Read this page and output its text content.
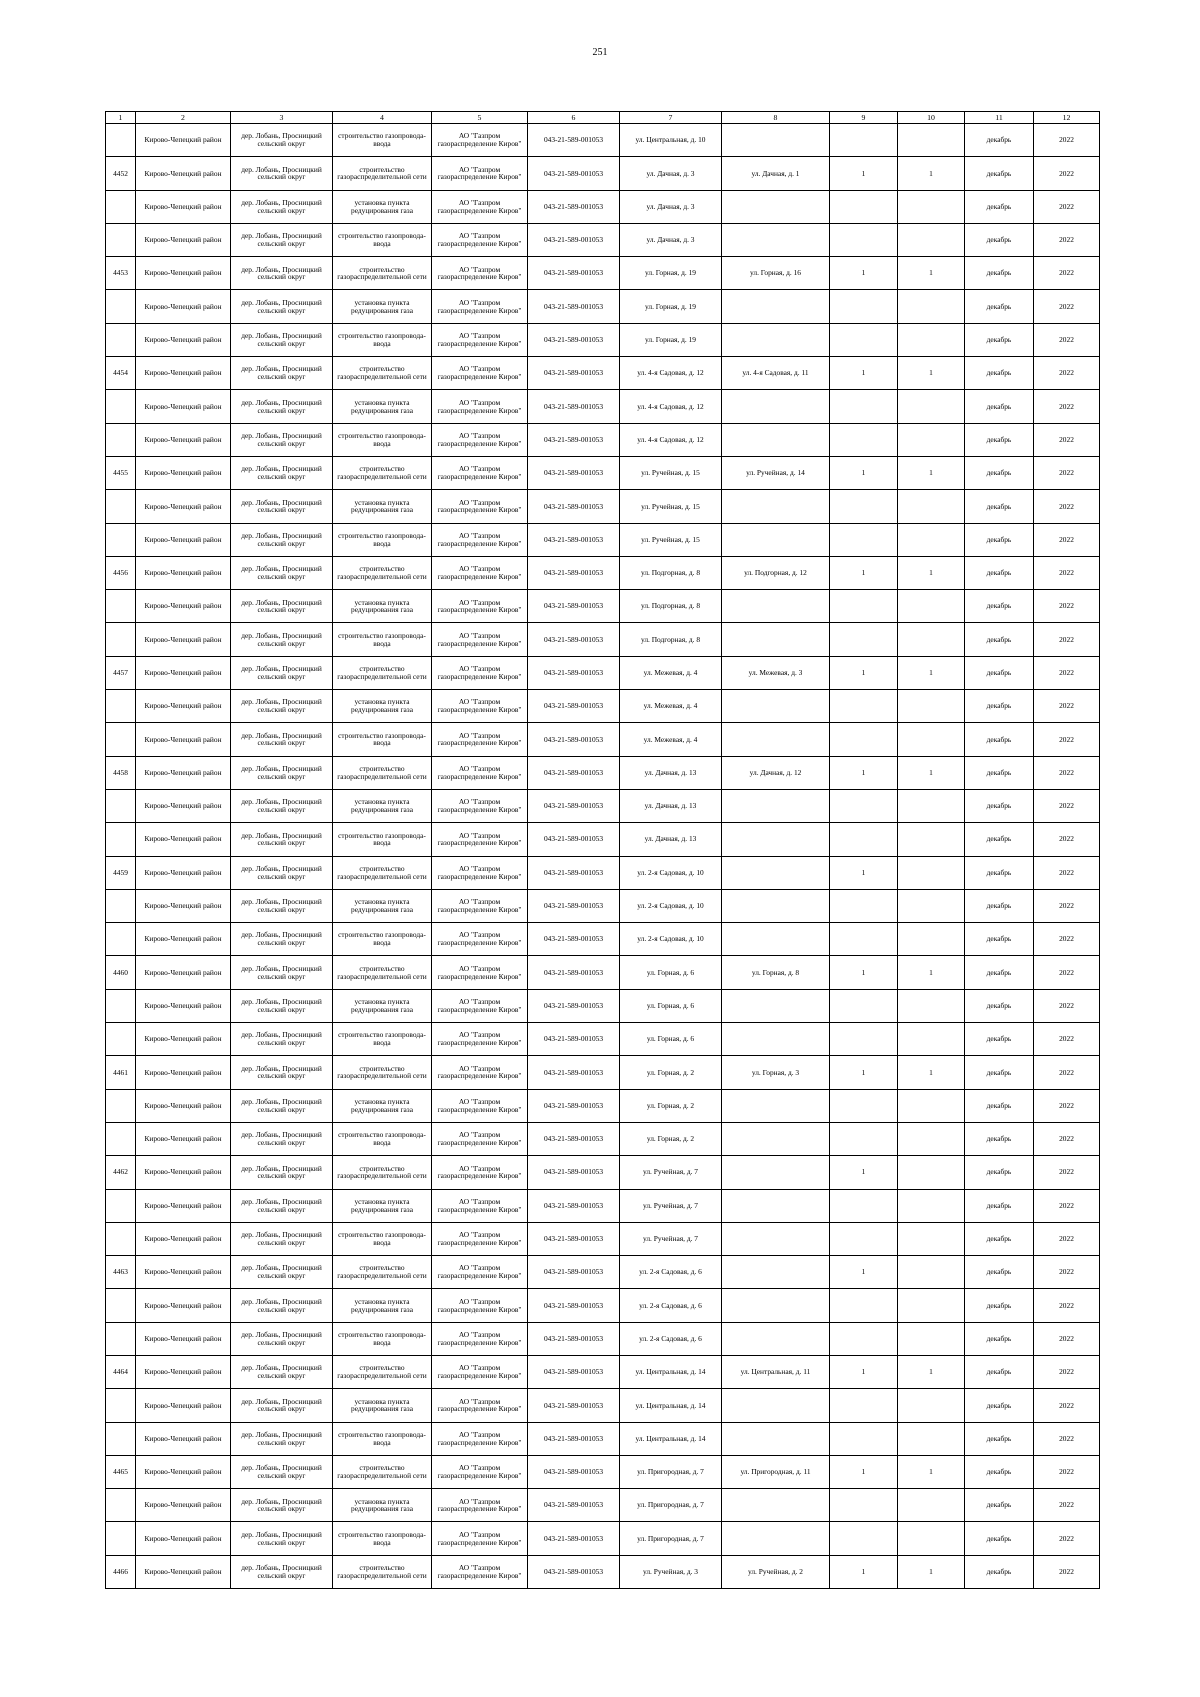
251
1	2	3	4	5	6	7	8	9	10	11	12
	Кирово-Чепецкий район	дер. Лобань, Просницкий сельский округ	строительство газопровода-ввода	АО "Газпром газораспределение Киров"	043-21-589-001053	ул. Центральная, д. 10				декабрь	2022
4452	Кирово-Чепецкий район	дер. Лобань, Просницкий сельский округ	строительство газораспределительной сети	АО "Газпром газораспределение Киров"	043-21-589-001053	ул. Дачная, д. 3	ул. Дачная, д. 1	1	1	декабрь	2022
	Кирово-Чепецкий район	дер. Лобань, Просницкий сельский округ	установка пункта редуцирования газа	АО "Газпром газораспределение Киров"	043-21-589-001053	ул. Дачная, д. 3				декабрь	2022
	Кирово-Чепецкий район	дер. Лобань, Просницкий сельский округ	строительство газопровода-ввода	АО "Газпром газораспределение Киров"	043-21-589-001053	ул. Дачная, д. 3				декабрь	2022
4453	Кирово-Чепецкий район	дер. Лобань, Просницкий сельский округ	строительство газораспределительной сети	АО "Газпром газораспределение Киров"	043-21-589-001053	ул. Горная, д. 19	ул. Горная, д. 16	1	1	декабрь	2022
	Кирово-Чепецкий район	дер. Лобань, Просницкий сельский округ	установка пункта редуцирования газа	АО "Газпром газораспределение Киров"	043-21-589-001053	ул. Горная, д. 19				декабрь	2022
	Кирово-Чепецкий район	дер. Лобань, Просницкий сельский округ	строительство газопровода-ввода	АО "Газпром газораспределение Киров"	043-21-589-001053	ул. Горная, д. 19				декабрь	2022
4454	Кирово-Чепецкий район	дер. Лобань, Просницкий сельский округ	строительство газораспределительной сети	АО "Газпром газораспределение Киров"	043-21-589-001053	ул. 4-я Садовая, д. 12	ул. 4-я Садовая, д. 11	1	1	декабрь	2022
	Кирово-Чепецкий район	дер. Лобань, Просницкий сельский округ	установка пункта редуцирования газа	АО "Газпром газораспределение Киров"	043-21-589-001053	ул. 4-я Садовая, д. 12				декабрь	2022
	Кирово-Чепецкий район	дер. Лобань, Просницкий сельский округ	строительство газопровода-ввода	АО "Газпром газораспределение Киров"	043-21-589-001053	ул. 4-я Садовая, д. 12				декабрь	2022
4455	Кирово-Чепецкий район	дер. Лобань, Просницкий сельский округ	строительство газораспределительной сети	АО "Газпром газораспределение Киров"	043-21-589-001053	ул. Ручейная, д. 15	ул. Ручейная, д. 14	1	1	декабрь	2022
	Кирово-Чепецкий район	дер. Лобань, Просницкий сельский округ	установка пункта редуцирования газа	АО "Газпром газораспределение Киров"	043-21-589-001053	ул. Ручейная, д. 15				декабрь	2022
	Кирово-Чепецкий район	дер. Лобань, Просницкий сельский округ	строительство газопровода-ввода	АО "Газпром газораспределение Киров"	043-21-589-001053	ул. Ручейная, д. 15				декабрь	2022
4456	Кирово-Чепецкий район	дер. Лобань, Просницкий сельский округ	строительство газораспределительной сети	АО "Газпром газораспределение Киров"	043-21-589-001053	ул. Подгорная, д. 8	ул. Подгорная, д. 12	1	1	декабрь	2022
	Кирово-Чепецкий район	дер. Лобань, Просницкий сельский округ	установка пункта редуцирования газа	АО "Газпром газораспределение Киров"	043-21-589-001053	ул. Подгорная, д. 8				декабрь	2022
	Кирово-Чепецкий район	дер. Лобань, Просницкий сельский округ	строительство газопровода-ввода	АО "Газпром газораспределение Киров"	043-21-589-001053	ул. Подгорная, д. 8				декабрь	2022
4457	Кирово-Чепецкий район	дер. Лобань, Просницкий сельский округ	строительство газораспределительной сети	АО "Газпром газораспределение Киров"	043-21-589-001053	ул. Межевая, д. 4	ул. Межевая, д. 3	1	1	декабрь	2022
	Кирово-Чепецкий район	дер. Лобань, Просницкий сельский округ	установка пункта редуцирования газа	АО "Газпром газораспределение Киров"	043-21-589-001053	ул. Межевая, д. 4				декабрь	2022
	Кирово-Чепецкий район	дер. Лобань, Просницкий сельский округ	строительство газопровода-ввода	АО "Газпром газораспределение Киров"	043-21-589-001053	ул. Межевая, д. 4				декабрь	2022
4458	Кирово-Чепецкий район	дер. Лобань, Просницкий сельский округ	строительство газораспределительной сети	АО "Газпром газораспределение Киров"	043-21-589-001053	ул. Дачная, д. 13	ул. Дачная, д. 12	1	1	декабрь	2022
	Кирово-Чепецкий район	дер. Лобань, Просницкий сельский округ	установка пункта редуцирования газа	АО "Газпром газораспределение Киров"	043-21-589-001053	ул. Дачная, д. 13				декабрь	2022
	Кирово-Чепецкий район	дер. Лобань, Просницкий сельский округ	строительство газопровода-ввода	АО "Газпром газораспределение Киров"	043-21-589-001053	ул. Дачная, д. 13				декабрь	2022
4459	Кирово-Чепецкий район	дер. Лобань, Просницкий сельский округ	строительство газораспределительной сети	АО "Газпром газораспределение Киров"	043-21-589-001053	ул. 2-я Садовая, д. 10		1		декабрь	2022
	Кирово-Чепецкий район	дер. Лобань, Просницкий сельский округ	установка пункта редуцирования газа	АО "Газпром газораспределение Киров"	043-21-589-001053	ул. 2-я Садовая, д. 10				декабрь	2022
	Кирово-Чепецкий район	дер. Лобань, Просницкий сельский округ	строительство газопровода-ввода	АО "Газпром газораспределение Киров"	043-21-589-001053	ул. 2-я Садовая, д. 10				декабрь	2022
4460	Кирово-Чепецкий район	дер. Лобань, Просницкий сельский округ	строительство газораспределительной сети	АО "Газпром газораспределение Киров"	043-21-589-001053	ул. Горная, д. 6	ул. Горная, д. 8	1	1	декабрь	2022
	Кирово-Чепецкий район	дер. Лобань, Просницкий сельский округ	установка пункта редуцирования газа	АО "Газпром газораспределение Киров"	043-21-589-001053	ул. Горная, д. 6				декабрь	2022
	Кирово-Чепецкий район	дер. Лобань, Просницкий сельский округ	строительство газопровода-ввода	АО "Газпром газораспределение Киров"	043-21-589-001053	ул. Горная, д. 6				декабрь	2022
4461	Кирово-Чепецкий район	дер. Лобань, Просницкий сельский округ	строительство газораспределительной сети	АО "Газпром газораспределение Киров"	043-21-589-001053	ул. Горная, д. 2	ул. Горная, д. 3	1	1	декабрь	2022
	Кирово-Чепецкий район	дер. Лобань, Просницкий сельский округ	установка пункта редуцирования газа	АО "Газпром газораспределение Киров"	043-21-589-001053	ул. Горная, д. 2				декабрь	2022
	Кирово-Чепецкий район	дер. Лобань, Просницкий сельский округ	строительство газопровода-ввода	АО "Газпром газораспределение Киров"	043-21-589-001053	ул. Горная, д. 2				декабрь	2022
4462	Кирово-Чепецкий район	дер. Лобань, Просницкий сельский округ	строительство газораспределительной сети	АО "Газпром газораспределение Киров"	043-21-589-001053	ул. Ручейная, д. 7		1		декабрь	2022
	Кирово-Чепецкий район	дер. Лобань, Просницкий сельский округ	установка пункта редуцирования газа	АО "Газпром газораспределение Киров"	043-21-589-001053	ул. Ручейная, д. 7				декабрь	2022
	Кирово-Чепецкий район	дер. Лобань, Просницкий сельский округ	строительство газопровода-ввода	АО "Газпром газораспределение Киров"	043-21-589-001053	ул. Ручейная, д. 7				декабрь	2022
4463	Кирово-Чепецкий район	дер. Лобань, Просницкий сельский округ	строительство газораспределительной сети	АО "Газпром газораспределение Киров"	043-21-589-001053	ул. 2-я Садовая, д. 6		1		декабрь	2022
	Кирово-Чепецкий район	дер. Лобань, Просницкий сельский округ	установка пункта редуцирования газа	АО "Газпром газораспределение Киров"	043-21-589-001053	ул. 2-я Садовая, д. 6				декабрь	2022
	Кирово-Чепецкий район	дер. Лобань, Просницкий сельский округ	строительство газопровода-ввода	АО "Газпром газораспределение Киров"	043-21-589-001053	ул. 2-я Садовая, д. 6				декабрь	2022
4464	Кирово-Чепецкий район	дер. Лобань, Просницкий сельский округ	строительство газораспределительной сети	АО "Газпром газораспределение Киров"	043-21-589-001053	ул. Центральная, д. 14	ул. Центральная, д. 11	1	1	декабрь	2022
	Кирово-Чепецкий район	дер. Лобань, Просницкий сельский округ	установка пункта редуцирования газа	АО "Газпром газораспределение Киров"	043-21-589-001053	ул. Центральная, д. 14				декабрь	2022
	Кирово-Чепецкий район	дер. Лобань, Просницкий сельский округ	строительство газопровода-ввода	АО "Газпром газораспределение Киров"	043-21-589-001053	ул. Центральная, д. 14				декабрь	2022
4465	Кирово-Чепецкий район	дер. Лобань, Просницкий сельский округ	строительство газораспределительной сети	АО "Газпром газораспределение Киров"	043-21-589-001053	ул. Пригородная, д. 7	ул. Пригородная, д. 11	1	1	декабрь	2022
	Кирово-Чепецкий район	дер. Лобань, Просницкий сельский округ	установка пункта редуцирования газа	АО "Газпром газораспределение Киров"	043-21-589-001053	ул. Пригородная, д. 7				декабрь	2022
	Кирово-Чепецкий район	дер. Лобань, Просницкий сельский округ	строительство газопровода-ввода	АО "Газпром газораспределение Киров"	043-21-589-001053	ул. Пригородная, д. 7				декабрь	2022
4466	Кирово-Чепецкий район	дер. Лобань, Просницкий сельский округ	строительство газораспределительной сети	АО "Газпром газораспределение Киров"	043-21-589-001053	ул. Ручейная, д. 3	ул. Ручейная, д. 2	1	1	декабрь	2022
